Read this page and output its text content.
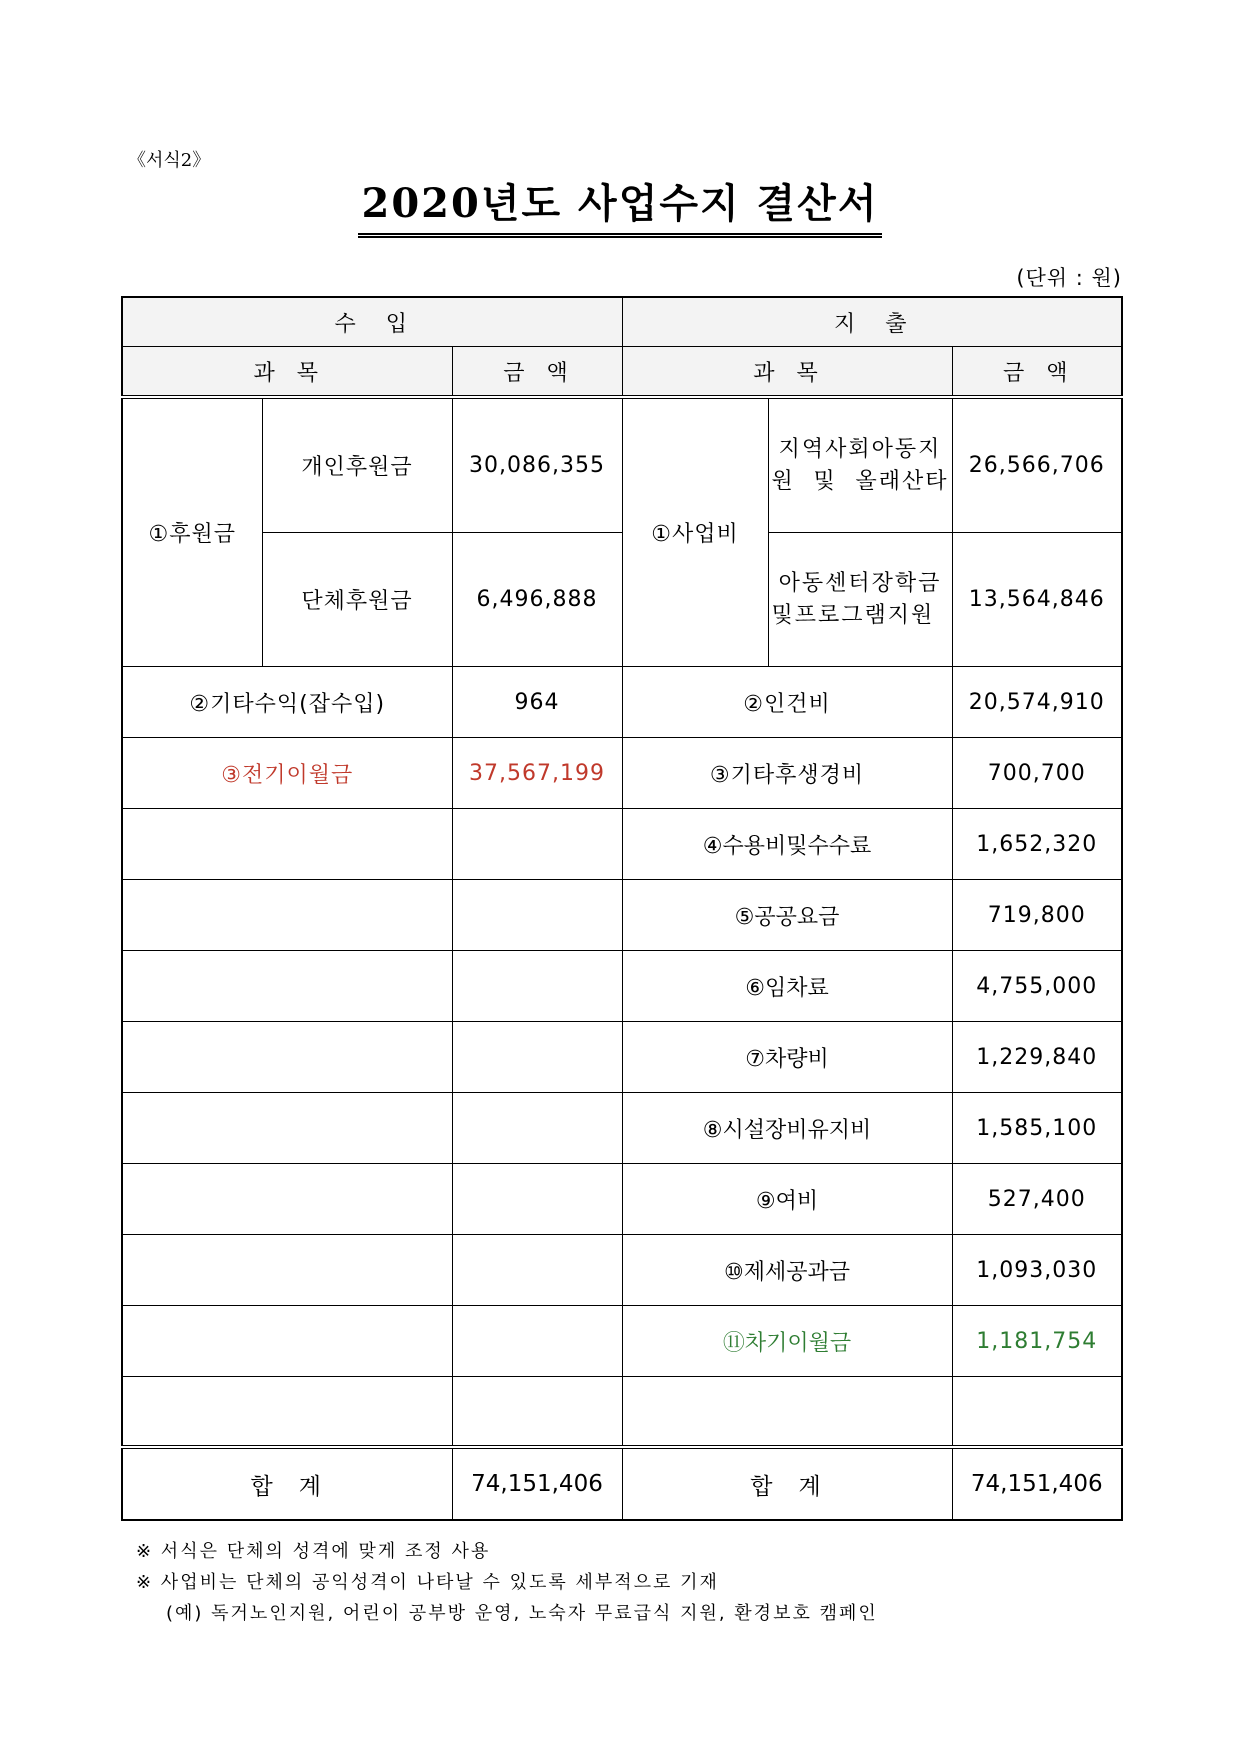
《서식2》
2020년도 사업수지 결산서
(단위 : 원)
수입			지출		
과목		금액	과목		금액
①후원금	개인후원금	30,086,355	①사업비	지역사회아동지원 및 올래산타	26,566,706
	단체후원금	6,496,888		아동센터장학금및프로그램지원	13,564,846
②기타수익(잡수입)		964	②인건비		20,574,910
③전기이월금		37,567,199	③기타후생경비		700,700
			④수용비및수수료		1,652,320
			⑤공공요금		719,800
			⑥임차료		4,755,000
			⑦차량비		1,229,840
			⑧시설장비유지비		1,585,100
			⑨여비		527,400
			⑩제세공과금		1,093,030
			⑪차기이월금		1,181,754

합계		74,151,406	합계		74,151,406
※ 서식은 단체의 성격에 맞게 조정 사용
※ 사업비는 단체의 공익성격이 나타날 수 있도록 세부적으로 기재
(예) 독거노인지원, 어린이 공부방 운영, 노숙자 무료급식 지원, 환경보호 캠페인
